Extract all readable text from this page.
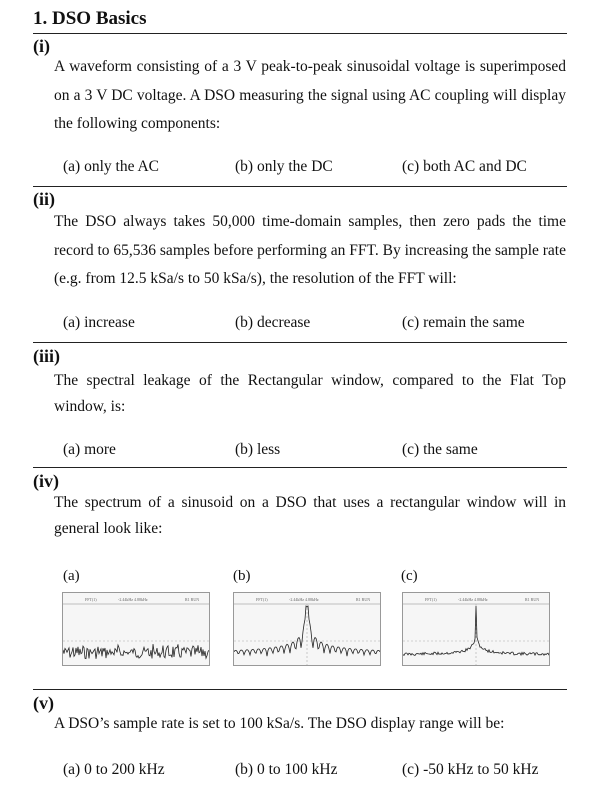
1. DSO Basics
(i)
A waveform consisting of a 3 V peak-to-peak sinusoidal voltage is superimposed on a 3 V DC voltage. A DSO measuring the signal using AC coupling will display the following components:
(a) only the AC	(b) only the DC	(c) both AC and DC
(ii)
The DSO always takes 50,000 time-domain samples, then zero pads the time record to 65,536 samples before performing an FFT. By increasing the sample rate (e.g. from 12.5 kSa/s to 50 kSa/s), the resolution of the FFT will:
(a) increase	(b) decrease	(c) remain the same
(iii)
The spectral leakage of the Rectangular window, compared to the Flat Top window, is:
(a) more	(b) less	(c) the same
(iv)
The spectrum of a sinusoid on a DSO that uses a rectangular window will in general look like:
(a)	(b)	(c)
FFT(1)	-2.44kHz 4.88kHz	R1 RUN	FFT(1)	-2.44kHz 4.88kHz	R1 RUN	FFT(1)	-2.44kHz 4.88kHz	R1 RUN
(v)
A DSO’s sample rate is set to 100 kSa/s. The DSO display range will be:
(a) 0 to 200 kHz	(b) 0 to 100 kHz	(c) -50 kHz to 50 kHz
